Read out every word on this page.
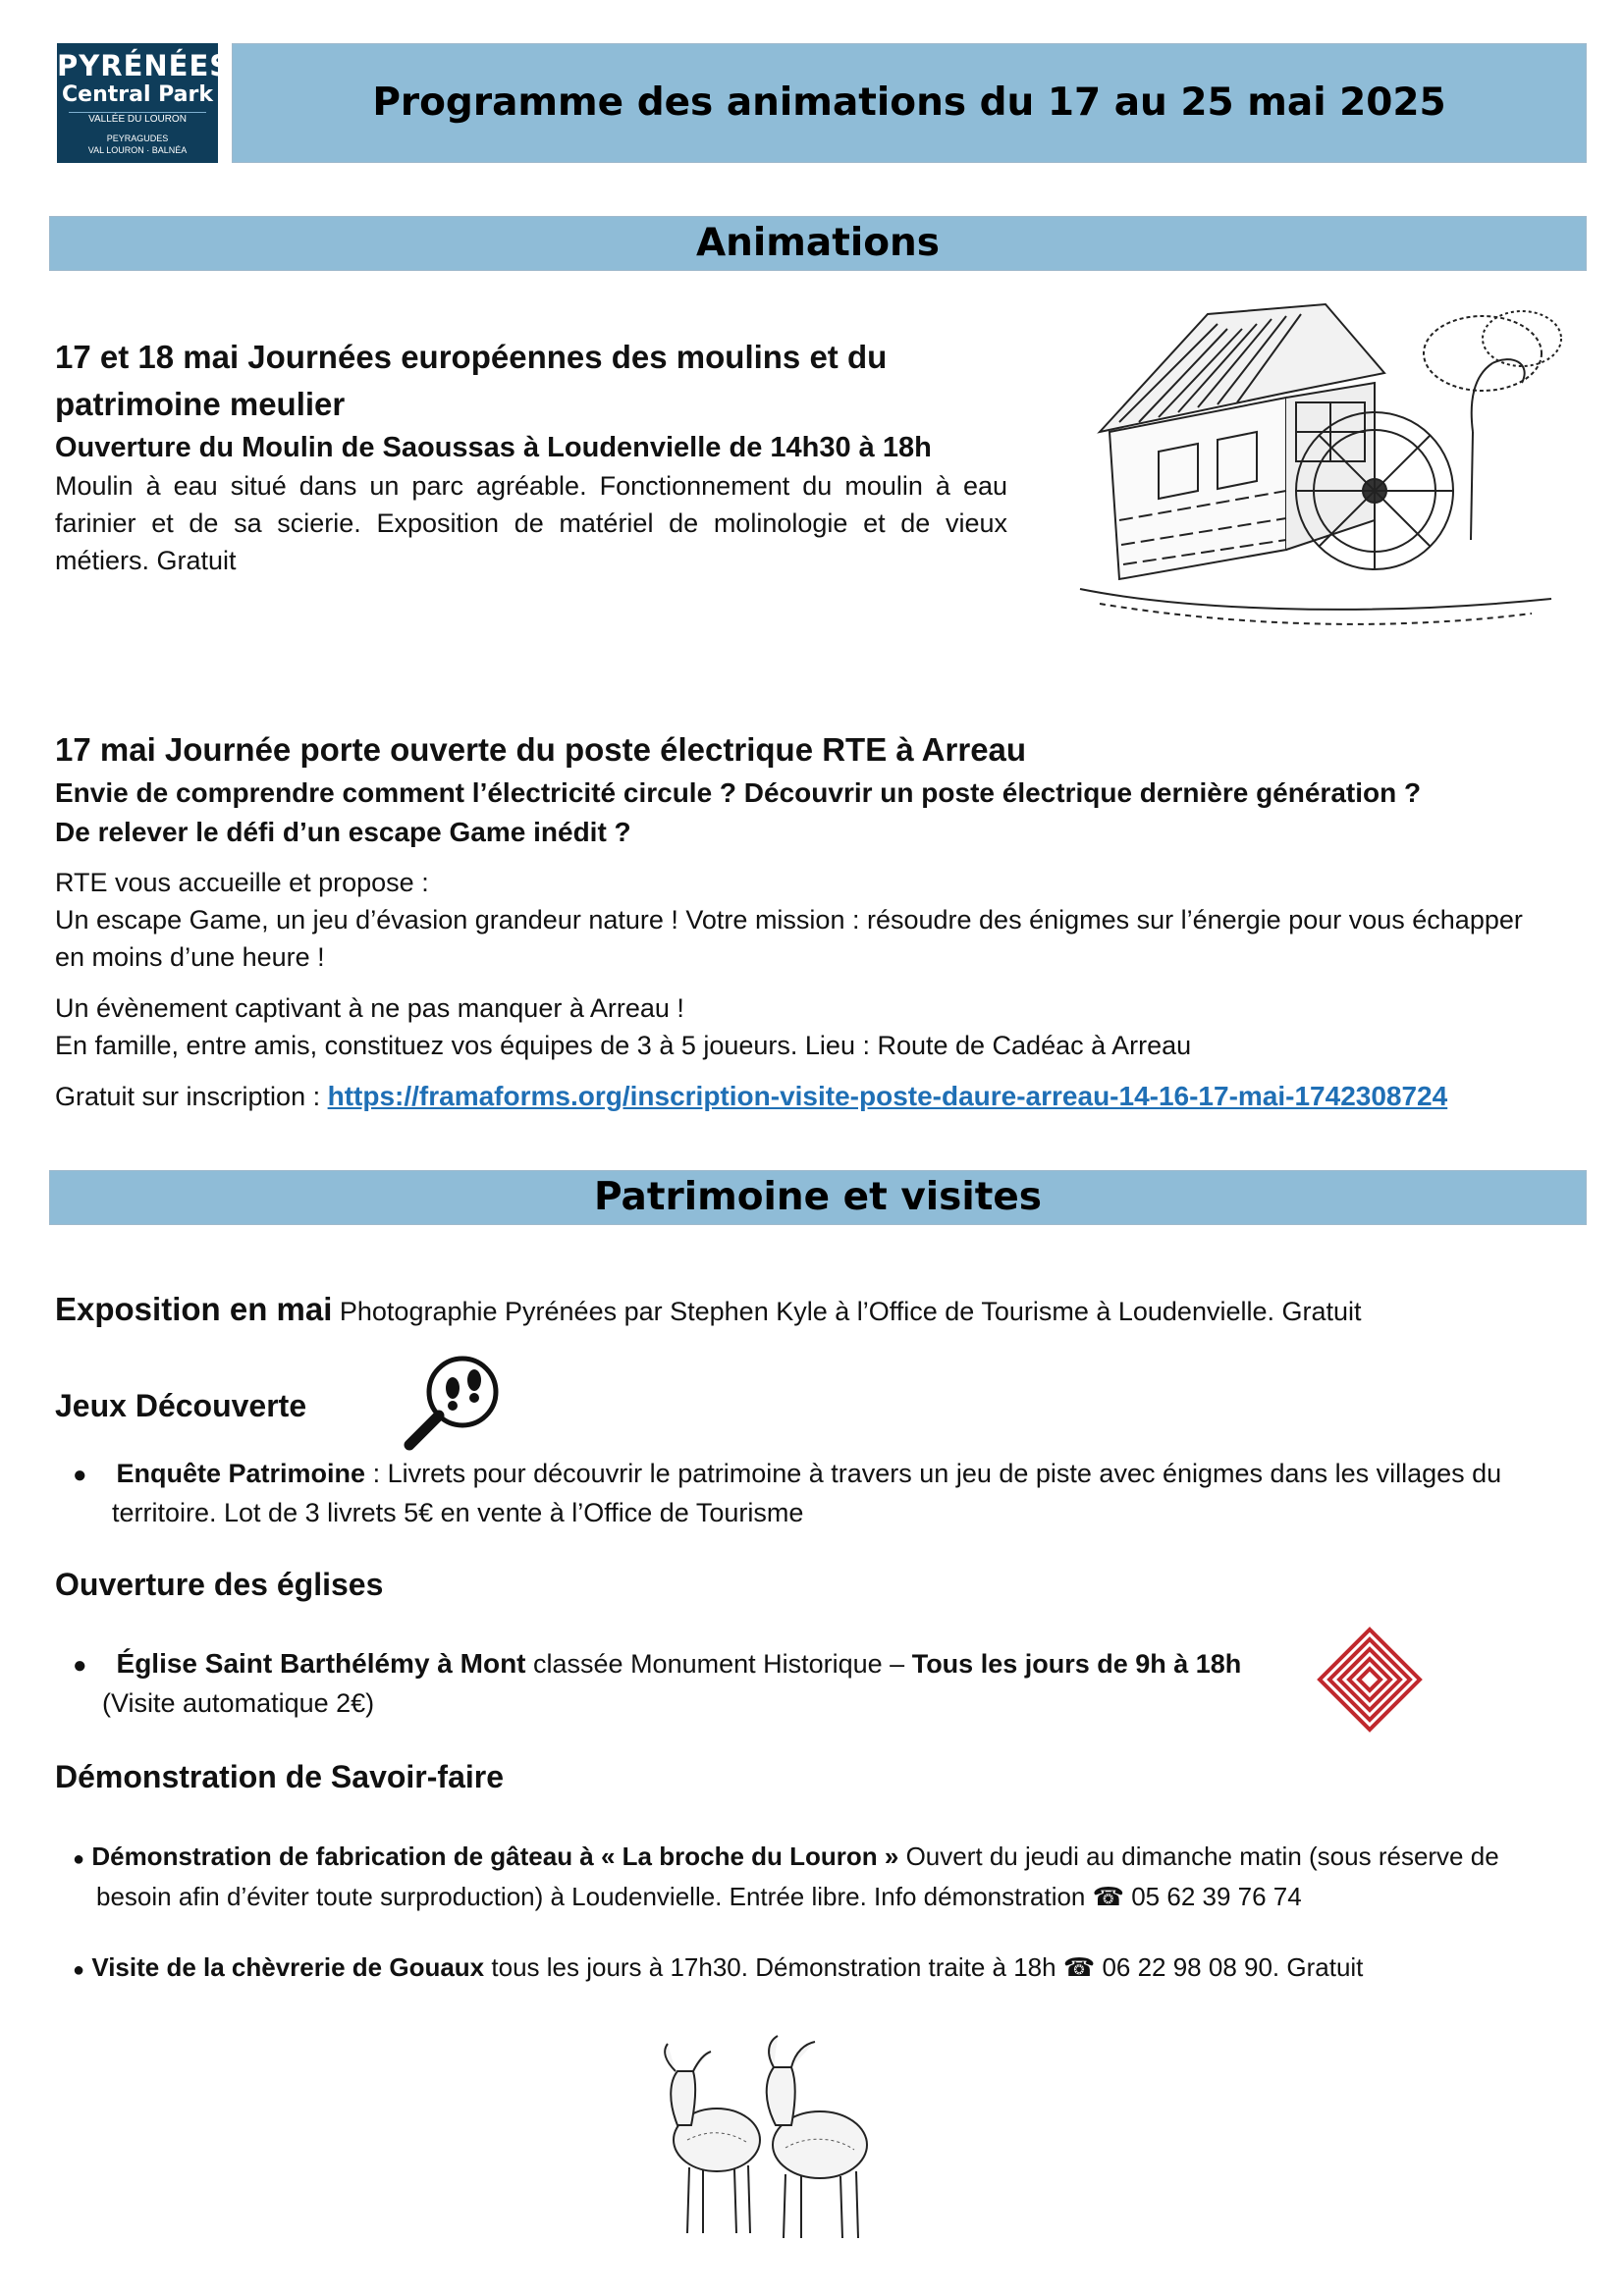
PYRÉNÉES
Central Park
VALLÉE DU LOURON
PEYRAGUDES
VAL LOURON · BALNÉA
Programme des animations du 17 au 25 mai 2025
Animations
17 et 18 mai Journées européennes des moulins et du
patrimoine meulier
Ouverture du Moulin de Saoussas à Loudenvielle de 14h30 à 18h
Moulin à eau situé dans un parc agréable. Fonctionnement du moulin à eau
farinier et de sa scierie. Exposition de matériel de molinologie et de vieux
métiers. Gratuit
17 mai Journée porte ouverte du poste électrique RTE à Arreau
Envie de comprendre comment l’électricité circule ? Découvrir un poste électrique dernière génération ?
De relever le défi d’un escape Game inédit ?
RTE vous accueille et propose :
Un escape Game, un jeu d’évasion grandeur nature ! Votre mission : résoudre des énigmes sur l’énergie pour vous échapper
en moins d’une heure !
Un évènement captivant à ne pas manquer à Arreau !
En famille, entre amis, constituez vos équipes de 3 à 5 joueurs. Lieu : Route de Cadéac à Arreau
Gratuit sur inscription : https://framaforms.org/inscription-visite-poste-daure-arreau-14-16-17-mai-1742308724
Patrimoine et visites
Exposition en mai Photographie Pyrénées par Stephen Kyle à l’Office de Tourisme à Loudenvielle. Gratuit
Jeux Découverte
● Enquête Patrimoine : Livrets pour découvrir le patrimoine à travers un jeu de piste avec énigmes dans les villages du
territoire. Lot de 3 livrets 5€ en vente à l’Office de Tourisme
Ouverture des églises
● Église Saint Barthélémy à Mont classée Monument Historique – Tous les jours de 9h à 18h
(Visite automatique 2€)
Démonstration de Savoir-faire
● Démonstration de fabrication de gâteau à « La broche du Louron » Ouvert du jeudi au dimanche matin (sous réserve de
besoin afin d’éviter toute surproduction) à Loudenvielle. Entrée libre. Info démonstration ☎ 05 62 39 76 74
● Visite de la chèvrerie de Gouaux tous les jours à 17h30. Démonstration traite à 18h ☎ 06 22 98 08 90. Gratuit
